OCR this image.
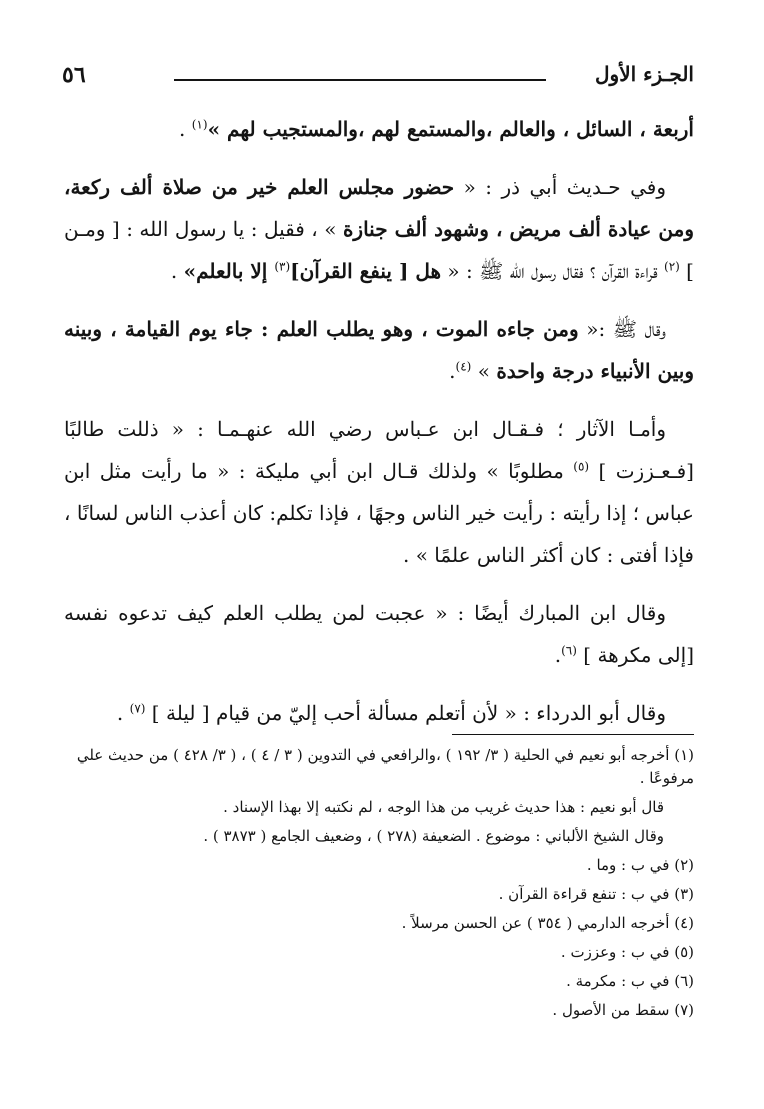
٥٦	الجـزء الأول

أربعة ، السائل ، والعالم ،والمستمع لهم ،والمستجيب لهم »$^{(١)}$ .

وفي حـديث أبي ذر : « حضور مجلس العلم خير من صلاة ألف ركعة، ومن عيادة ألف مريض ، وشهود ألف جنازة » ، فقيل : يا رسول الله : [ ومـن ] $^{(٢)}$ قراءة القرآن ؟ فقال رسول الله ﷺ : « هل [ ينفع القرآن]$^{(٣)}$ إلا بالعلم» .

وقال ﷺ :« ومن جاءه الموت ، وهو يطلب العلم : جاء يوم القيامة ، وبينه وبين الأنبياء درجة واحدة » $^{(٤)}$.

وأمـا الآثار ؛ فـقـال ابن عـباس رضي الله عنهـمـا : « ذللت طالبًا [فـعـززت ] $^{(٥)}$ مطلوبًا » ولذلك قـال ابن أبي مليكة : « ما رأيت مثل ابن عباس ؛ إذا رأيته : رأيت خير الناس وجهًا ، فإذا تكلم: كان أعذب الناس لسانًا ، فإذا أفتى : كان أكثر الناس علمًا » .

وقال ابن المبارك أيضًا : « عجبت لمن يطلب العلم كيف تدعوه نفسه [إلى مكرهة ] $^{(٦)}$.

وقال أبو الدرداء : « لأن أتعلم مسألة أحب إليّ من قيام [ ليلة ] $^{(٧)}$ .

(١) أخرجه أبو نعيم في الحلية ( ٣/ ١٩٢ ) ،والرافعي في التدوين ( ٣ / ٤ ) ، ( ٣/ ٤٢٨ ) من حديث علي مرفوعًا .

قال أبو نعيم : هذا حديث غريب من هذا الوجه ، لم نكتبه إلا بهذا الإسناد .

وقال الشيخ الألباني : موضوع . الضعيفة (٢٧٨ ) ، وضعيف الجامع ( ٣٨٧٣ ) .

(٢) في ب : وما .

(٣) في ب : تنفع قراءة القرآن .

(٤) أخرجه الدارمي ( ٣٥٤ ) عن الحسن مرسلاً .

(٥) في ب : وعززت .

(٦) في ب : مكرمة .

(٧) سقط من الأصول .
